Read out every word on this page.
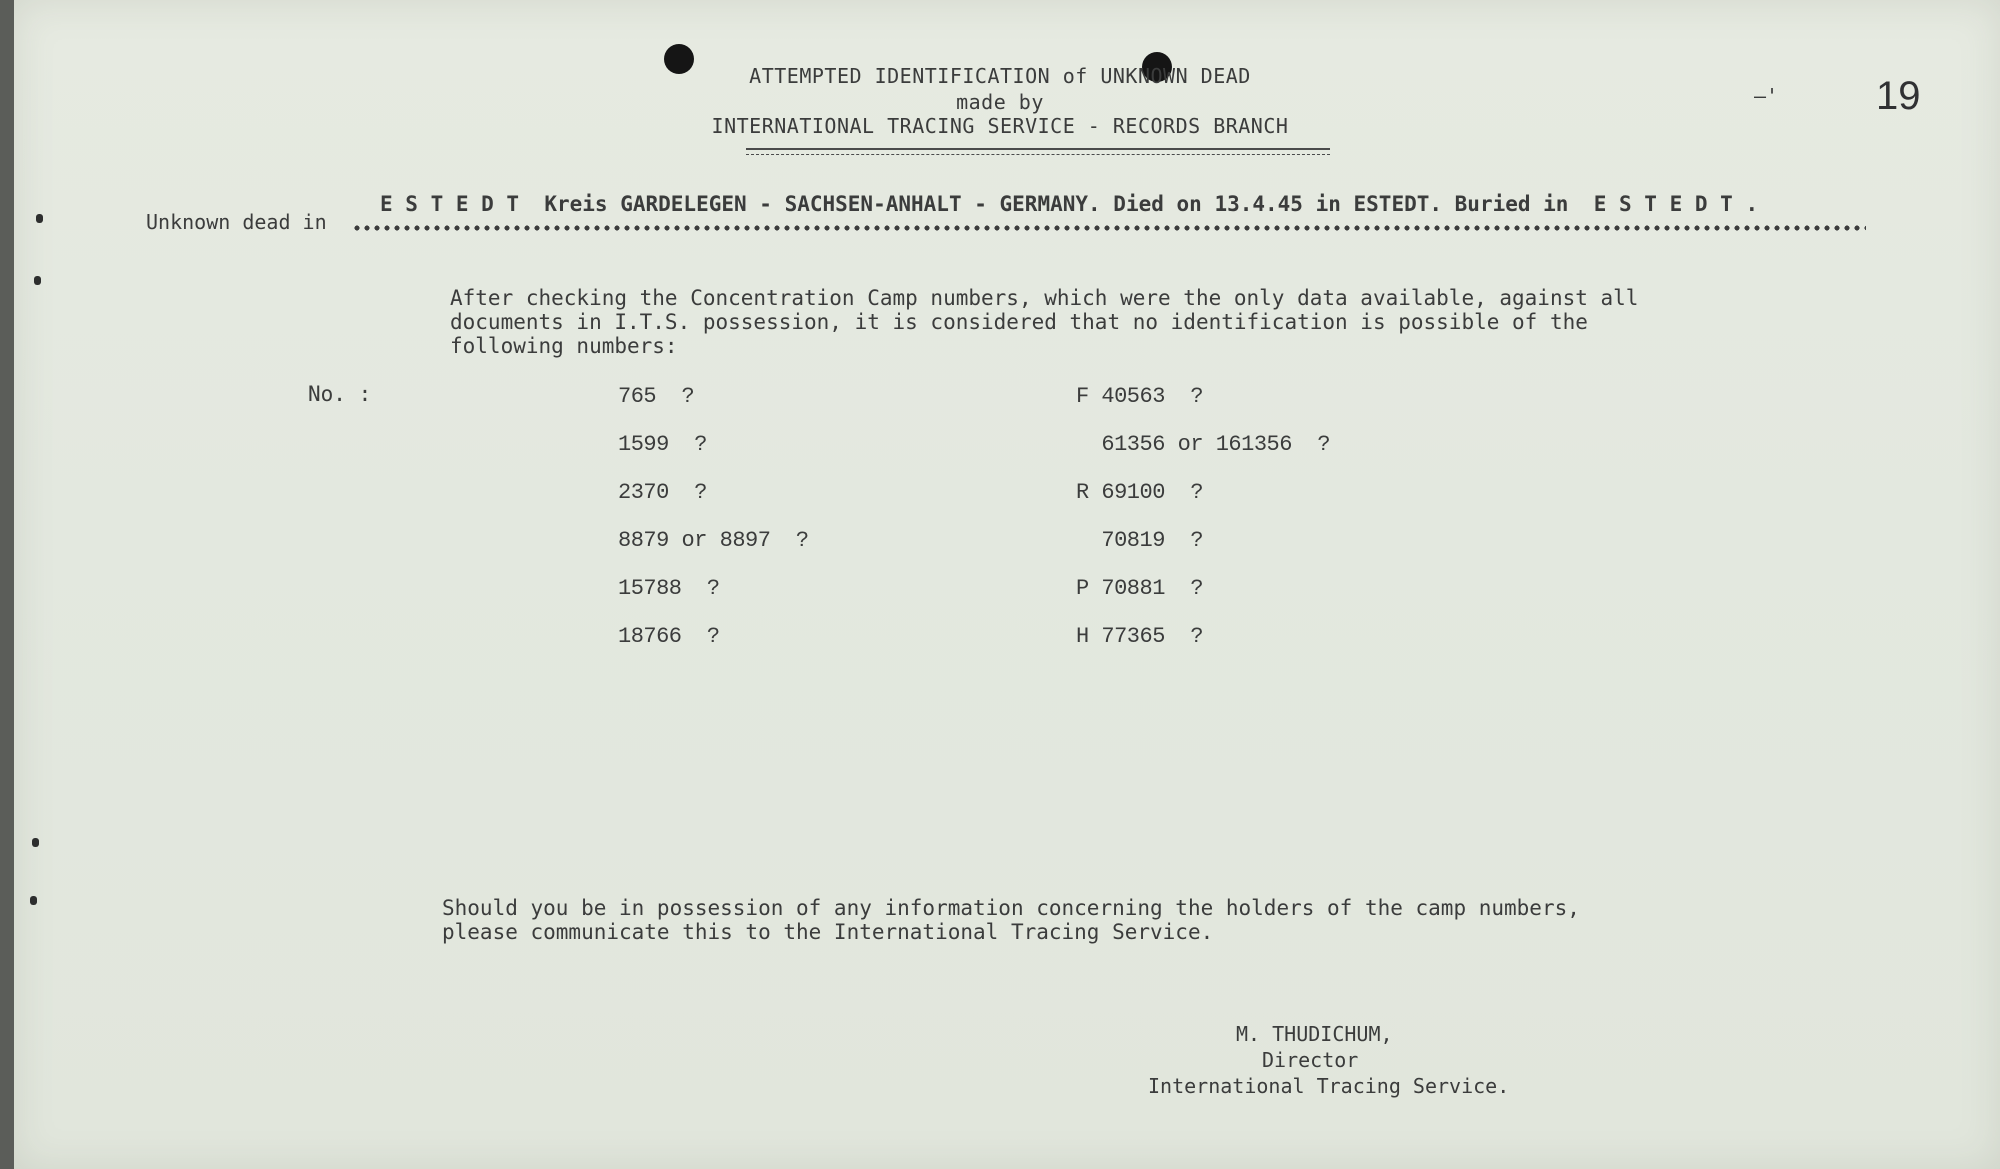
ATTEMPTED IDENTIFICATION of UNKNOWN DEAD
made by
INTERNATIONAL TRACING SERVICE - RECORDS BRANCH
19
–'
E S T E D T  Kreis GARDELEGEN - SACHSEN-ANHALT - GERMANY. Died on 13.4.45 in ESTEDT. Buried in  E S T E D T .
Unknown dead in
After checking the Concentration Camp numbers, which were the only data available, against all
documents in I.T.S. possession, it is considered that no identification is possible of the
following numbers:
No. :	765  ?
1599  ?
2370  ?
8879 or 8897  ?
15788  ?
18766  ?
F 40563  ?
61356 or 161356  ?
R 69100  ?
70819  ?
P 70881  ?
H 77365  ?
Should you be in possession of any information concerning the holders of the camp numbers,
please communicate this to the International Tracing Service.
M. THUDICHUM,
Director
International Tracing Service.
